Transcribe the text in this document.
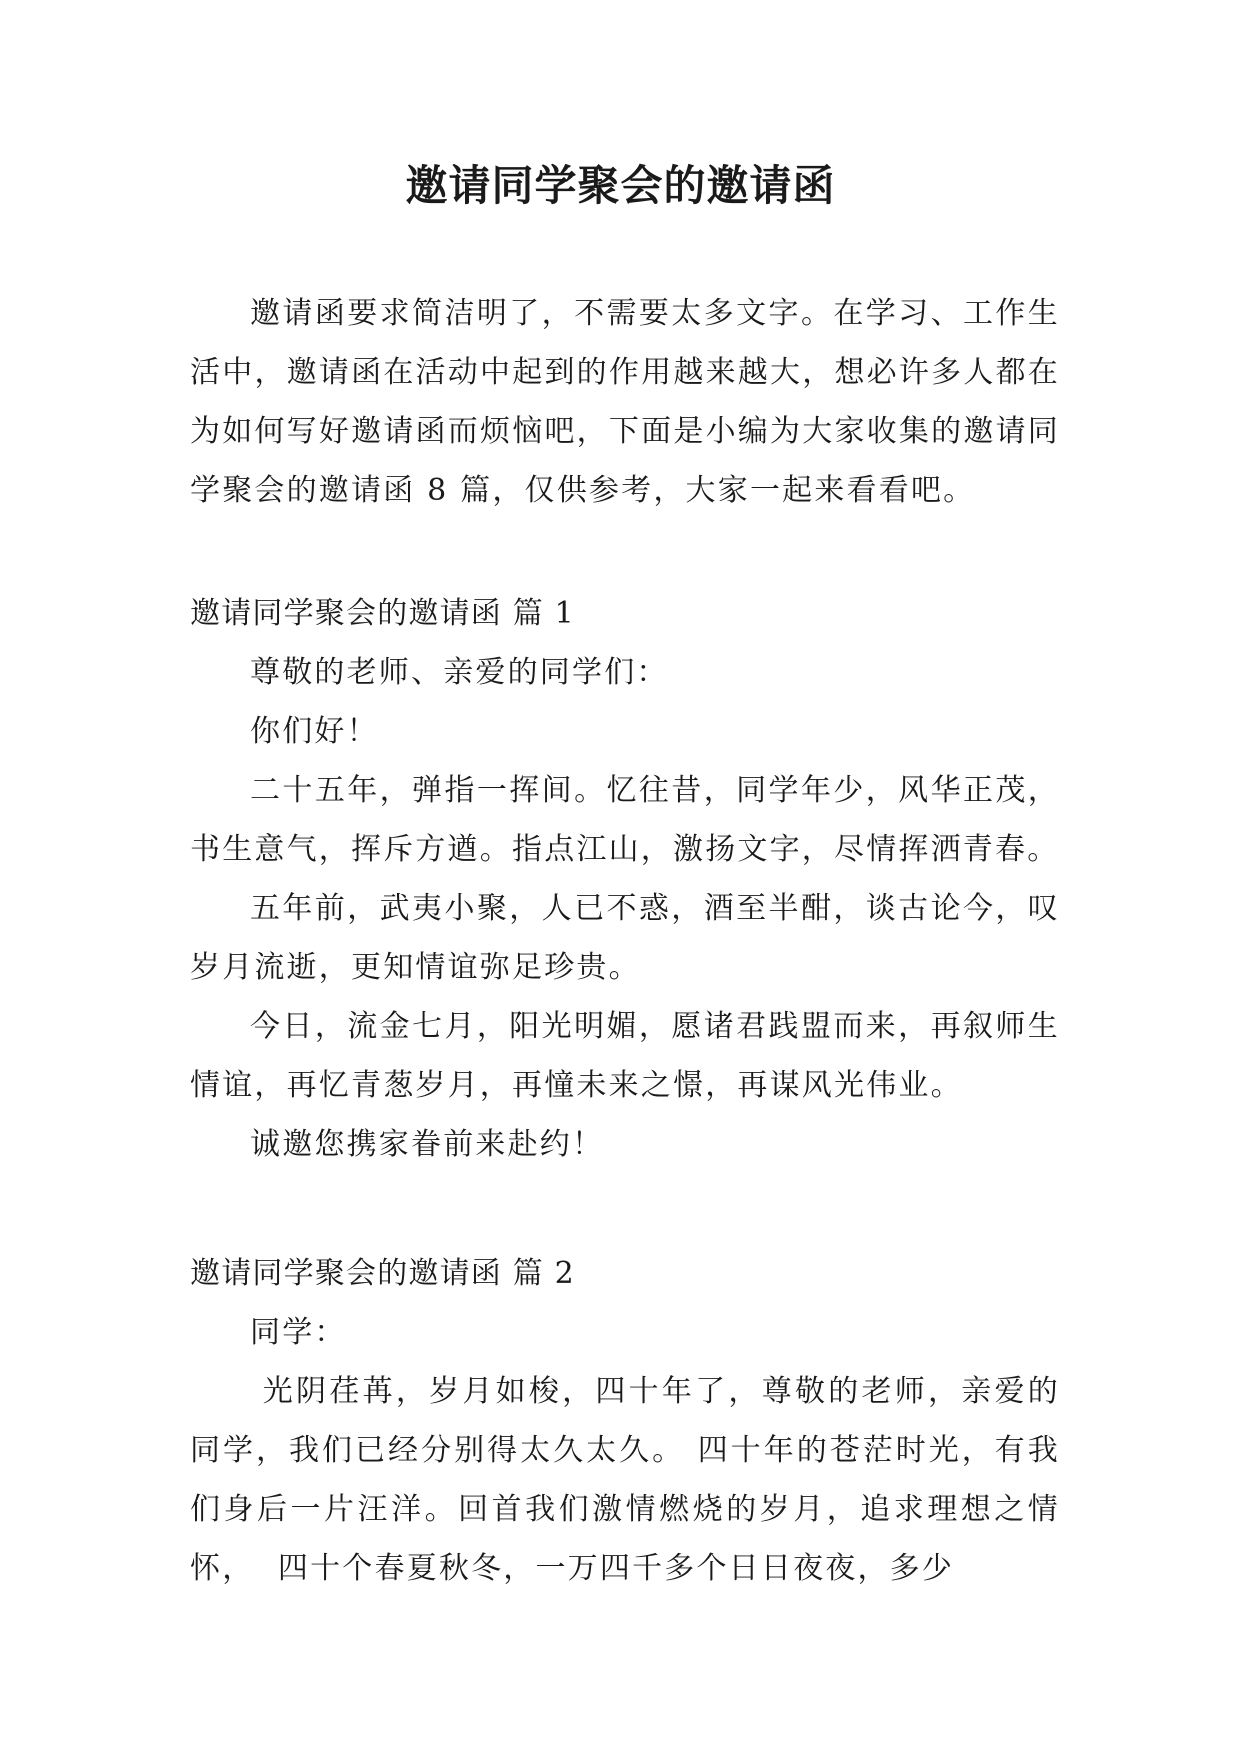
邀请同学聚会的邀请函

邀请函要求简洁明了，不需要太多文字。在学习、工作生活中，邀请函在活动中起到的作用越来越大，想必许多人都在为如何写好邀请函而烦恼吧，下面是小编为大家收集的邀请同学聚会的邀请函 8 篇，仅供参考，大家一起来看看吧。

邀请同学聚会的邀请函 篇 1

尊敬的老师、亲爱的同学们：

你们好！

二十五年，弹指一挥间。忆往昔，同学年少，风华正茂，书生意气，挥斥方遒。指点江山，激扬文字，尽情挥洒青春。

五年前，武夷小聚，人已不惑，酒至半酣，谈古论今，叹岁月流逝，更知情谊弥足珍贵。

今日，流金七月，阳光明媚，愿诸君践盟而来，再叙师生情谊，再忆青葱岁月，再憧未来之憬，再谋风光伟业。

诚邀您携家眷前来赴约！

邀请同学聚会的邀请函 篇 2

同学：

光阴荏苒，岁月如梭，四十年了，尊敬的老师，亲爱的同学，我们已经分别得太久太久。 四十年的苍茫时光，有我们身后一片汪洋。回首我们激情燃烧的岁月，追求理想之情怀，  四十个春夏秋冬，一万四千多个日日夜夜，多少
